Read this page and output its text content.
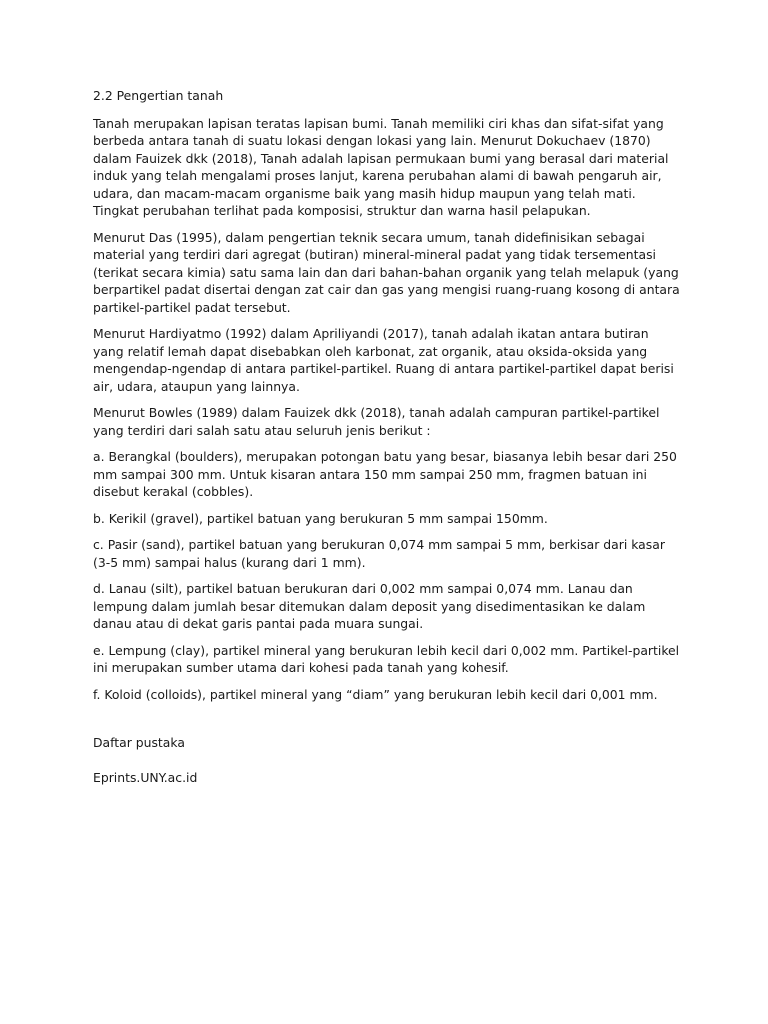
2.2 Pengertian tanah

Tanah merupakan lapisan teratas lapisan bumi. Tanah memiliki ciri khas dan sifat-sifat yang berbeda antara tanah di suatu lokasi dengan lokasi yang lain. Menurut Dokuchaev (1870) dalam Fauizek dkk (2018), Tanah adalah lapisan permukaan bumi yang berasal dari material induk yang telah mengalami proses lanjut, karena perubahan alami di bawah pengaruh air, udara, dan macam-macam organisme baik yang masih hidup maupun yang telah mati. Tingkat perubahan terlihat pada komposisi, struktur dan warna hasil pelapukan.

Menurut Das (1995), dalam pengertian teknik secara umum, tanah didefinisikan sebagai material yang terdiri dari agregat (butiran) mineral-mineral padat yang tidak tersementasi (terikat secara kimia) satu sama lain dan dari bahan-bahan organik yang telah melapuk (yang berpartikel padat disertai dengan zat cair dan gas yang mengisi ruang-ruang kosong di antara partikel-partikel padat tersebut.

Menurut Hardiyatmo (1992) dalam Apriliyandi (2017), tanah adalah ikatan antara butiran yang relatif lemah dapat disebabkan oleh karbonat, zat organik, atau oksida-oksida yang mengendap-ngendap di antara partikel-partikel. Ruang di antara partikel-partikel dapat berisi air, udara, ataupun yang lainnya.

Menurut Bowles (1989) dalam Fauizek dkk (2018), tanah adalah campuran partikel-partikel yang terdiri dari salah satu atau seluruh jenis berikut :

a. Berangkal (boulders), merupakan potongan batu yang besar, biasanya lebih besar dari 250 mm sampai 300 mm. Untuk kisaran antara 150 mm sampai 250 mm, fragmen batuan ini disebut kerakal (cobbles).

b. Kerikil (gravel), partikel batuan yang berukuran 5 mm sampai 150mm.

c. Pasir (sand), partikel batuan yang berukuran 0,074 mm sampai 5 mm, berkisar dari kasar (3-5 mm) sampai halus (kurang dari 1 mm).

d. Lanau (silt), partikel batuan berukuran dari 0,002 mm sampai 0,074 mm. Lanau dan lempung dalam jumlah besar ditemukan dalam deposit yang disedimentasikan ke dalam danau atau di dekat garis pantai pada muara sungai.

e. Lempung (clay), partikel mineral yang berukuran lebih kecil dari 0,002 mm. Partikel-partikel ini merupakan sumber utama dari kohesi pada tanah yang kohesif.

f. Koloid (colloids), partikel mineral yang “diam” yang berukuran lebih kecil dari 0,001 mm.

Daftar pustaka

Eprints.UNY.ac.id
